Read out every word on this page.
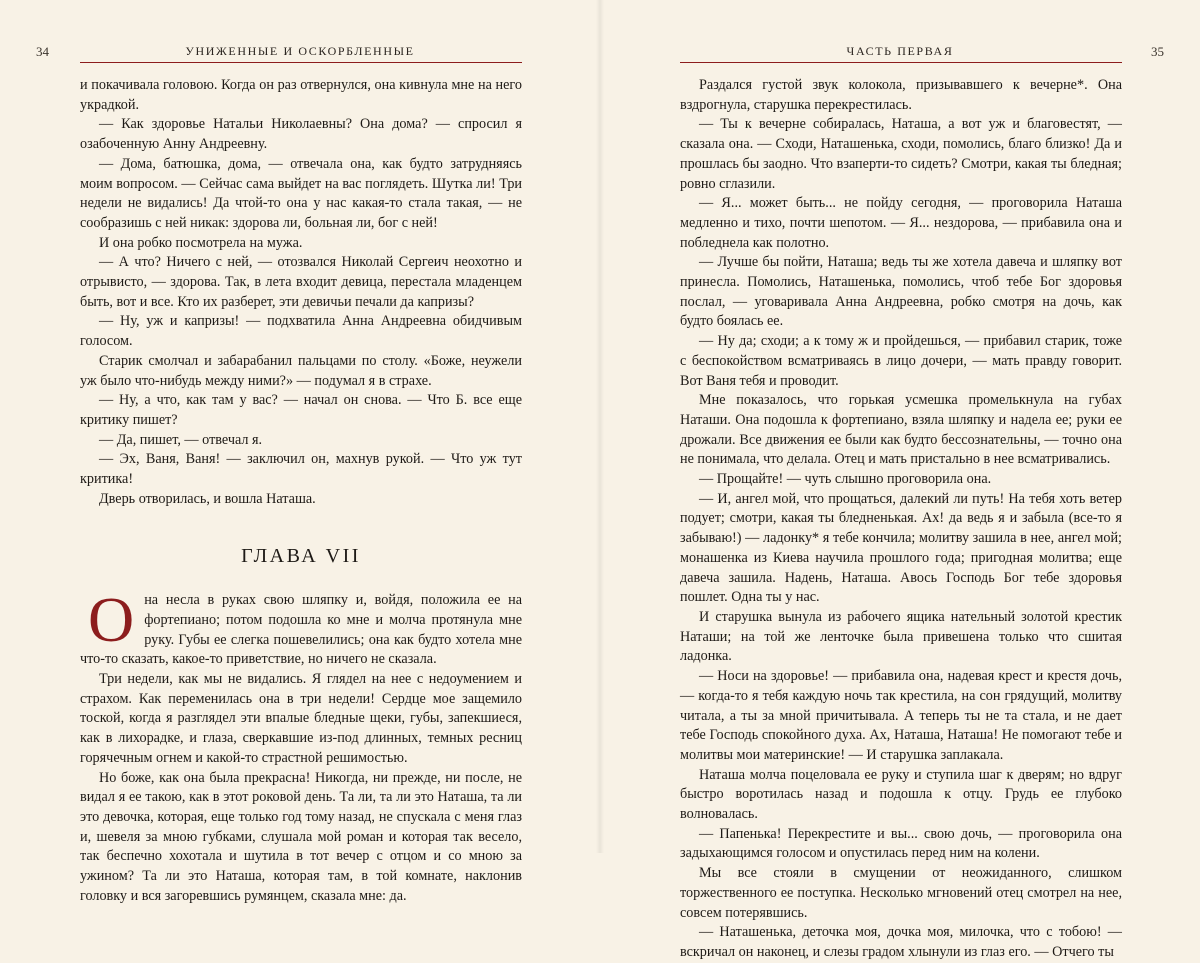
34	УНИЖЕННЫЕ И ОСКОРБЛЕННЫЕ

и покачивала головою. Когда он раз отвернулся, она кивнула мне на него украдкой.

— Как здоровье Натальи Николаевны? Она дома? — спросил я озабоченную Анну Андреевну.

— Дома, батюшка, дома, — отвечала она, как будто затрудняясь моим вопросом. — Сейчас сама выйдет на вас поглядеть. Шутка ли! Три недели не видались! Да чтой-то она у нас какая-то стала такая, — не сообразишь с ней никак: здорова ли, больная ли, бог с ней!

И она робко посмотрела на мужа.

— А что? Ничего с ней, — отозвался Николай Сергеич неохотно и отрывисто, — здорова. Так, в лета входит девица, перестала младенцем быть, вот и все. Кто их разберет, эти девичьи печали да капризы?

— Ну, уж и капризы! — подхватила Анна Андреевна обидчивым голосом.

Старик смолчал и забарабанил пальцами по столу. «Боже, неужели уж было что-нибудь между ними?» — подумал я в страхе.

— Ну, а что, как там у вас? — начал он снова. — Что Б. все еще критику пишет?

— Да, пишет, — отвечал я.

— Эх, Ваня, Ваня! — заключил он, махнув рукой. — Что уж тут критика!

Дверь отворилась, и вошла Наташа.

ГЛАВА VII

Она несла в руках свою шляпку и, войдя, положила ее на фортепиано; потом подошла ко мне и молча протянула мне руку. Губы ее слегка пошевелились; она как будто хотела мне что-то сказать, какое-то приветствие, но ничего не сказала.

Три недели, как мы не видались. Я глядел на нее с недоумением и страхом. Как переменилась она в три недели! Сердце мое защемило тоской, когда я разглядел эти впалые бледные щеки, губы, запекшиеся, как в лихорадке, и глаза, сверкавшие из-под длинных, темных ресниц горячечным огнем и какой-то страстной решимостью.

Но боже, как она была прекрасна! Никогда, ни прежде, ни после, не видал я ее такою, как в этот роковой день. Та ли, та ли это Наташа, та ли это девочка, которая, еще только год тому назад, не спускала с меня глаз и, шевеля за мною губками, слушала мой роман и которая так весело, так беспечно хохотала и шутила в тот вечер с отцом и со мною за ужином? Та ли это Наташа, которая там, в той комнате, наклонив головку и вся загоревшись румянцем, сказала мне: да.

ЧАСТЬ ПЕРВАЯ	35

Раздался густой звук колокола, призывавшего к вечерне*. Она вздрогнула, старушка перекрестилась.

— Ты к вечерне собиралась, Наташа, а вот уж и благовестят, — сказала она. — Сходи, Наташенька, сходи, помолись, благо близко! Да и прошлась бы заодно. Что взаперти-то сидеть? Смотри, какая ты бледная; ровно сглазили.

— Я... может быть... не пойду сегодня, — проговорила Наташа медленно и тихо, почти шепотом. — Я... нездорова, — прибавила она и побледнела как полотно.

— Лучше бы пойти, Наташа; ведь ты же хотела давеча и шляпку вот принесла. Помолись, Наташенька, помолись, чтоб тебе Бог здоровья послал, — уговаривала Анна Андреевна, робко смотря на дочь, как будто боялась ее.

— Ну да; сходи; а к тому ж и пройдешься, — прибавил старик, тоже с беспокойством всматриваясь в лицо дочери, — мать правду говорит. Вот Ваня тебя и проводит.

Мне показалось, что горькая усмешка промелькнула на губах Наташи. Она подошла к фортепиано, взяла шляпку и надела ее; руки ее дрожали. Все движения ее были как будто бессознательны, — точно она не понимала, что делала. Отец и мать пристально в нее всматривались.

— Прощайте! — чуть слышно проговорила она.

— И, ангел мой, что прощаться, далекий ли путь! На тебя хоть ветер подует; смотри, какая ты бледненькая. Ах! да ведь я и забыла (все-то я забываю!) — ладонку* я тебе кончила; молитву зашила в нее, ангел мой; монашенка из Киева научила прошлого года; пригодная молитва; еще давеча зашила. Надень, Наташа. Авось Господь Бог тебе здоровья пошлет. Одна ты у нас.

И старушка вынула из рабочего ящика нательный золотой крестик Наташи; на той же ленточке была привешена только что сшитая ладонка.

— Носи на здоровье! — прибавила она, надевая крест и крестя дочь, — когда-то я тебя каждую ночь так крестила, на сон грядущий, молитву читала, а ты за мной причитывала. А теперь ты не та стала, и не дает тебе Господь спокойного духа. Ах, Наташа, Наташа! Не помогают тебе и молитвы мои материнские! — И старушка заплакала.

Наташа молча поцеловала ее руку и ступила шаг к дверям; но вдруг быстро воротилась назад и подошла к отцу. Грудь ее глубоко волновалась.

— Папенька! Перекрестите и вы... свою дочь, — проговорила она задыхающимся голосом и опустилась перед ним на колени.

Мы все стояли в смущении от неожиданного, слишком торжественного ее поступка. Несколько мгновений отец смотрел на нее, совсем потерявшись.

— Наташенька, деточка моя, дочка моя, милочка, что с тобою! — вскричал он наконец, и слезы градом хлынули из глаз его. — Отчего ты
